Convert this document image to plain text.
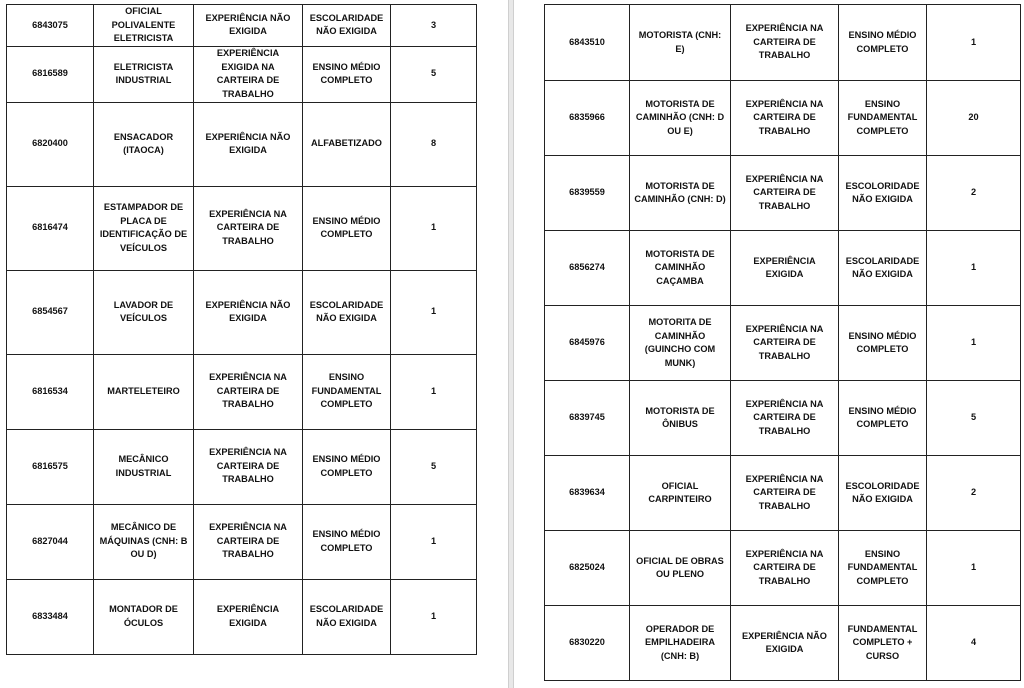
6843075	OFICIAL POLIVALENTE ELETRICISTA	EXPERIÊNCIA NÃO EXIGIDA	ESCOLARIDADE NÃO EXIGIDA	3
6816589	ELETRICISTA INDUSTRIAL	EXPERIÊNCIA EXIGIDA NA CARTEIRA DE TRABALHO	ENSINO MÉDIO COMPLETO	5
6820400	ENSACADOR (ITAOCA)	EXPERIÊNCIA NÃO EXIGIDA	ALFABETIZADO	8
6816474	ESTAMPADOR DE PLACA DE IDENTIFICAÇÃO DE VEÍCULOS	EXPERIÊNCIA NA CARTEIRA DE TRABALHO	ENSINO MÉDIO COMPLETO	1
6854567	LAVADOR DE VEÍCULOS	EXPERIÊNCIA NÃO EXIGIDA	ESCOLARIDADE NÃO EXIGIDA	1
6816534	MARTELETEIRO	EXPERIÊNCIA NA CARTEIRA DE TRABALHO	ENSINO FUNDAMENTAL COMPLETO	1
6816575	MECÂNICO INDUSTRIAL	EXPERIÊNCIA NA CARTEIRA DE TRABALHO	ENSINO MÉDIO COMPLETO	5
6827044	MECÂNICO DE MÁQUINAS (CNH: B OU D)	EXPERIÊNCIA NA CARTEIRA DE TRABALHO	ENSINO MÉDIO COMPLETO	1
6833484	MONTADOR DE ÓCULOS	EXPERIÊNCIA EXIGIDA	ESCOLARIDADE NÃO EXIGIDA	1
6843510	MOTORISTA (CNH: E)	EXPERIÊNCIA NA CARTEIRA DE TRABALHO	ENSINO MÉDIO COMPLETO	1
6835966	MOTORISTA DE CAMINHÃO (CNH: D OU E)	EXPERIÊNCIA NA CARTEIRA DE TRABALHO	ENSINO FUNDAMENTAL COMPLETO	20
6839559	MOTORISTA DE CAMINHÃO (CNH: D)	EXPERIÊNCIA NA CARTEIRA DE TRABALHO	ESCOLORIDADE NÃO EXIGIDA	2
6856274	MOTORISTA DE CAMINHÃO CAÇAMBA	EXPERIÊNCIA EXIGIDA	ESCOLARIDADE NÃO EXIGIDA	1
6845976	MOTORITA DE CAMINHÃO (GUINCHO COM MUNK)	EXPERIÊNCIA NA CARTEIRA DE TRABALHO	ENSINO MÉDIO COMPLETO	1
6839745	MOTORISTA DE ÔNIBUS	EXPERIÊNCIA NA CARTEIRA DE TRABALHO	ENSINO MÉDIO COMPLETO	5
6839634	OFICIAL CARPINTEIRO	EXPERIÊNCIA NA CARTEIRA DE TRABALHO	ESCOLORIDADE NÃO EXIGIDA	2
6825024	OFICIAL DE OBRAS OU PLENO	EXPERIÊNCIA NA CARTEIRA DE TRABALHO	ENSINO FUNDAMENTAL COMPLETO	1
6830220	OPERADOR DE EMPILHADEIRA (CNH: B)	EXPERIÊNCIA NÃO EXIGIDA	FUNDAMENTAL COMPLETO + CURSO	4
